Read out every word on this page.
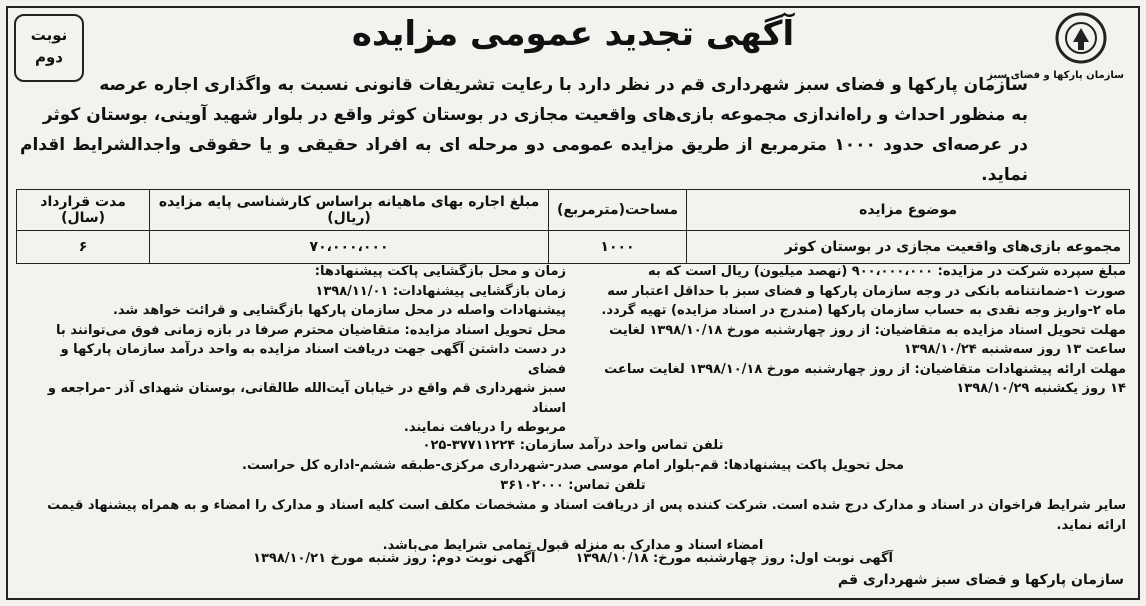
سازمان پارکها و فضای سبز
نوبت
دوم
آگهی تجدید عمومی مزایده

سازمان پارکها و فضای سبز شهرداری قم در نظر دارد با رعایت تشریفات قانونی نسبت به واگذاری اجاره عرصه

به منظور احداث و راه‌اندازی مجموعه بازی‌های واقعیت مجازی در بوستان کوثر واقع در بلوار شهید آوینی، بوستان کوثر

در عرصه‌ای حدود ۱۰۰۰ مترمربع از طریق مزایده عمومی دو مرحله ای به افراد حقیقی و یا حقوقی واجدالشرایط اقدام نماید.

موضوع مزایده	مساحت(مترمربع)	مبلغ اجاره بهای ماهیانه براساس کارشناسی پایه مزایده (ریال)	مدت قرارداد (سال)
مجموعه بازی‌های واقعیت مجازی در بوستان کوثر	۱۰۰۰	۷۰،۰۰۰،۰۰۰	۶
مبلغ سپرده شرکت در مزایده: ۹۰۰،۰۰۰،۰۰۰ (نهصد میلیون) ریال است که به
صورت ۱-ضمانتنامه بانکی در وجه سازمان پارکها و فضای سبز با حداقل اعتبار سه
ماه ۲-واریز وجه نقدی به حساب سازمان پارکها (مندرج در اسناد مزایده) تهیه گردد.
مهلت تحویل اسناد مزایده به متقاضیان: از روز چهارشنبه مورخ ۱۳۹۸/۱۰/۱۸ لغایت
ساعت ۱۳ روز سه‌شنبه ۱۳۹۸/۱۰/۲۴
مهلت ارائه پیشنهادات متقاضیان: از روز چهارشنبه مورخ ۱۳۹۸/۱۰/۱۸ لغایت ساعت
۱۴ روز یکشنبه ۱۳۹۸/۱۰/۲۹
زمان و محل بازگشایی پاکت پیشنهادها:
زمان بازگشایی پیشنهادات: ۱۳۹۸/۱۱/۰۱
پیشنهادات واصله در محل سازمان پارکها بازگشایی و قرائت خواهد شد.
محل تحویل اسناد مزایده: متقاضیان محترم صرفا در بازه زمانی فوق می‌توانند با
در دست داشتن آگهی جهت دریافت اسناد مزایده به واحد درآمد سازمان پارکها و فضای
سبز شهرداری قم واقع در خیابان آیت‌الله طالقانی، بوستان شهدای آذر -مراجعه و اسناد
مربوطه را دریافت نمایند.
تلفن تماس واحد درآمد سازمان: ۳۷۷۱۱۲۲۴-۰۲۵
محل تحویل پاکت پیشنهادها: قم-بلوار امام موسی صدر-شهرداری مرکزی-طبقه ششم-اداره کل حراست.
تلفن تماس: ۳۶۱۰۲۰۰۰
سایر شرایط فراخوان در اسناد و مدارک درج شده است. شرکت کننده پس از دریافت اسناد و مشخصات مکلف است کلیه اسناد و مدارک را امضاء و به همراه پیشنهاد قیمت ارائه نماید.
امضاء اسناد و مدارک به منزله قبول تمامی شرایط می‌باشد.
آگهی نوبت اول: روز چهارشنبه مورخ: ۱۳۹۸/۱۰/۱۸
آگهی نوبت دوم: روز شنبه مورخ ۱۳۹۸/۱۰/۲۱
سازمان پارکها و فضای سبز شهرداری قم
